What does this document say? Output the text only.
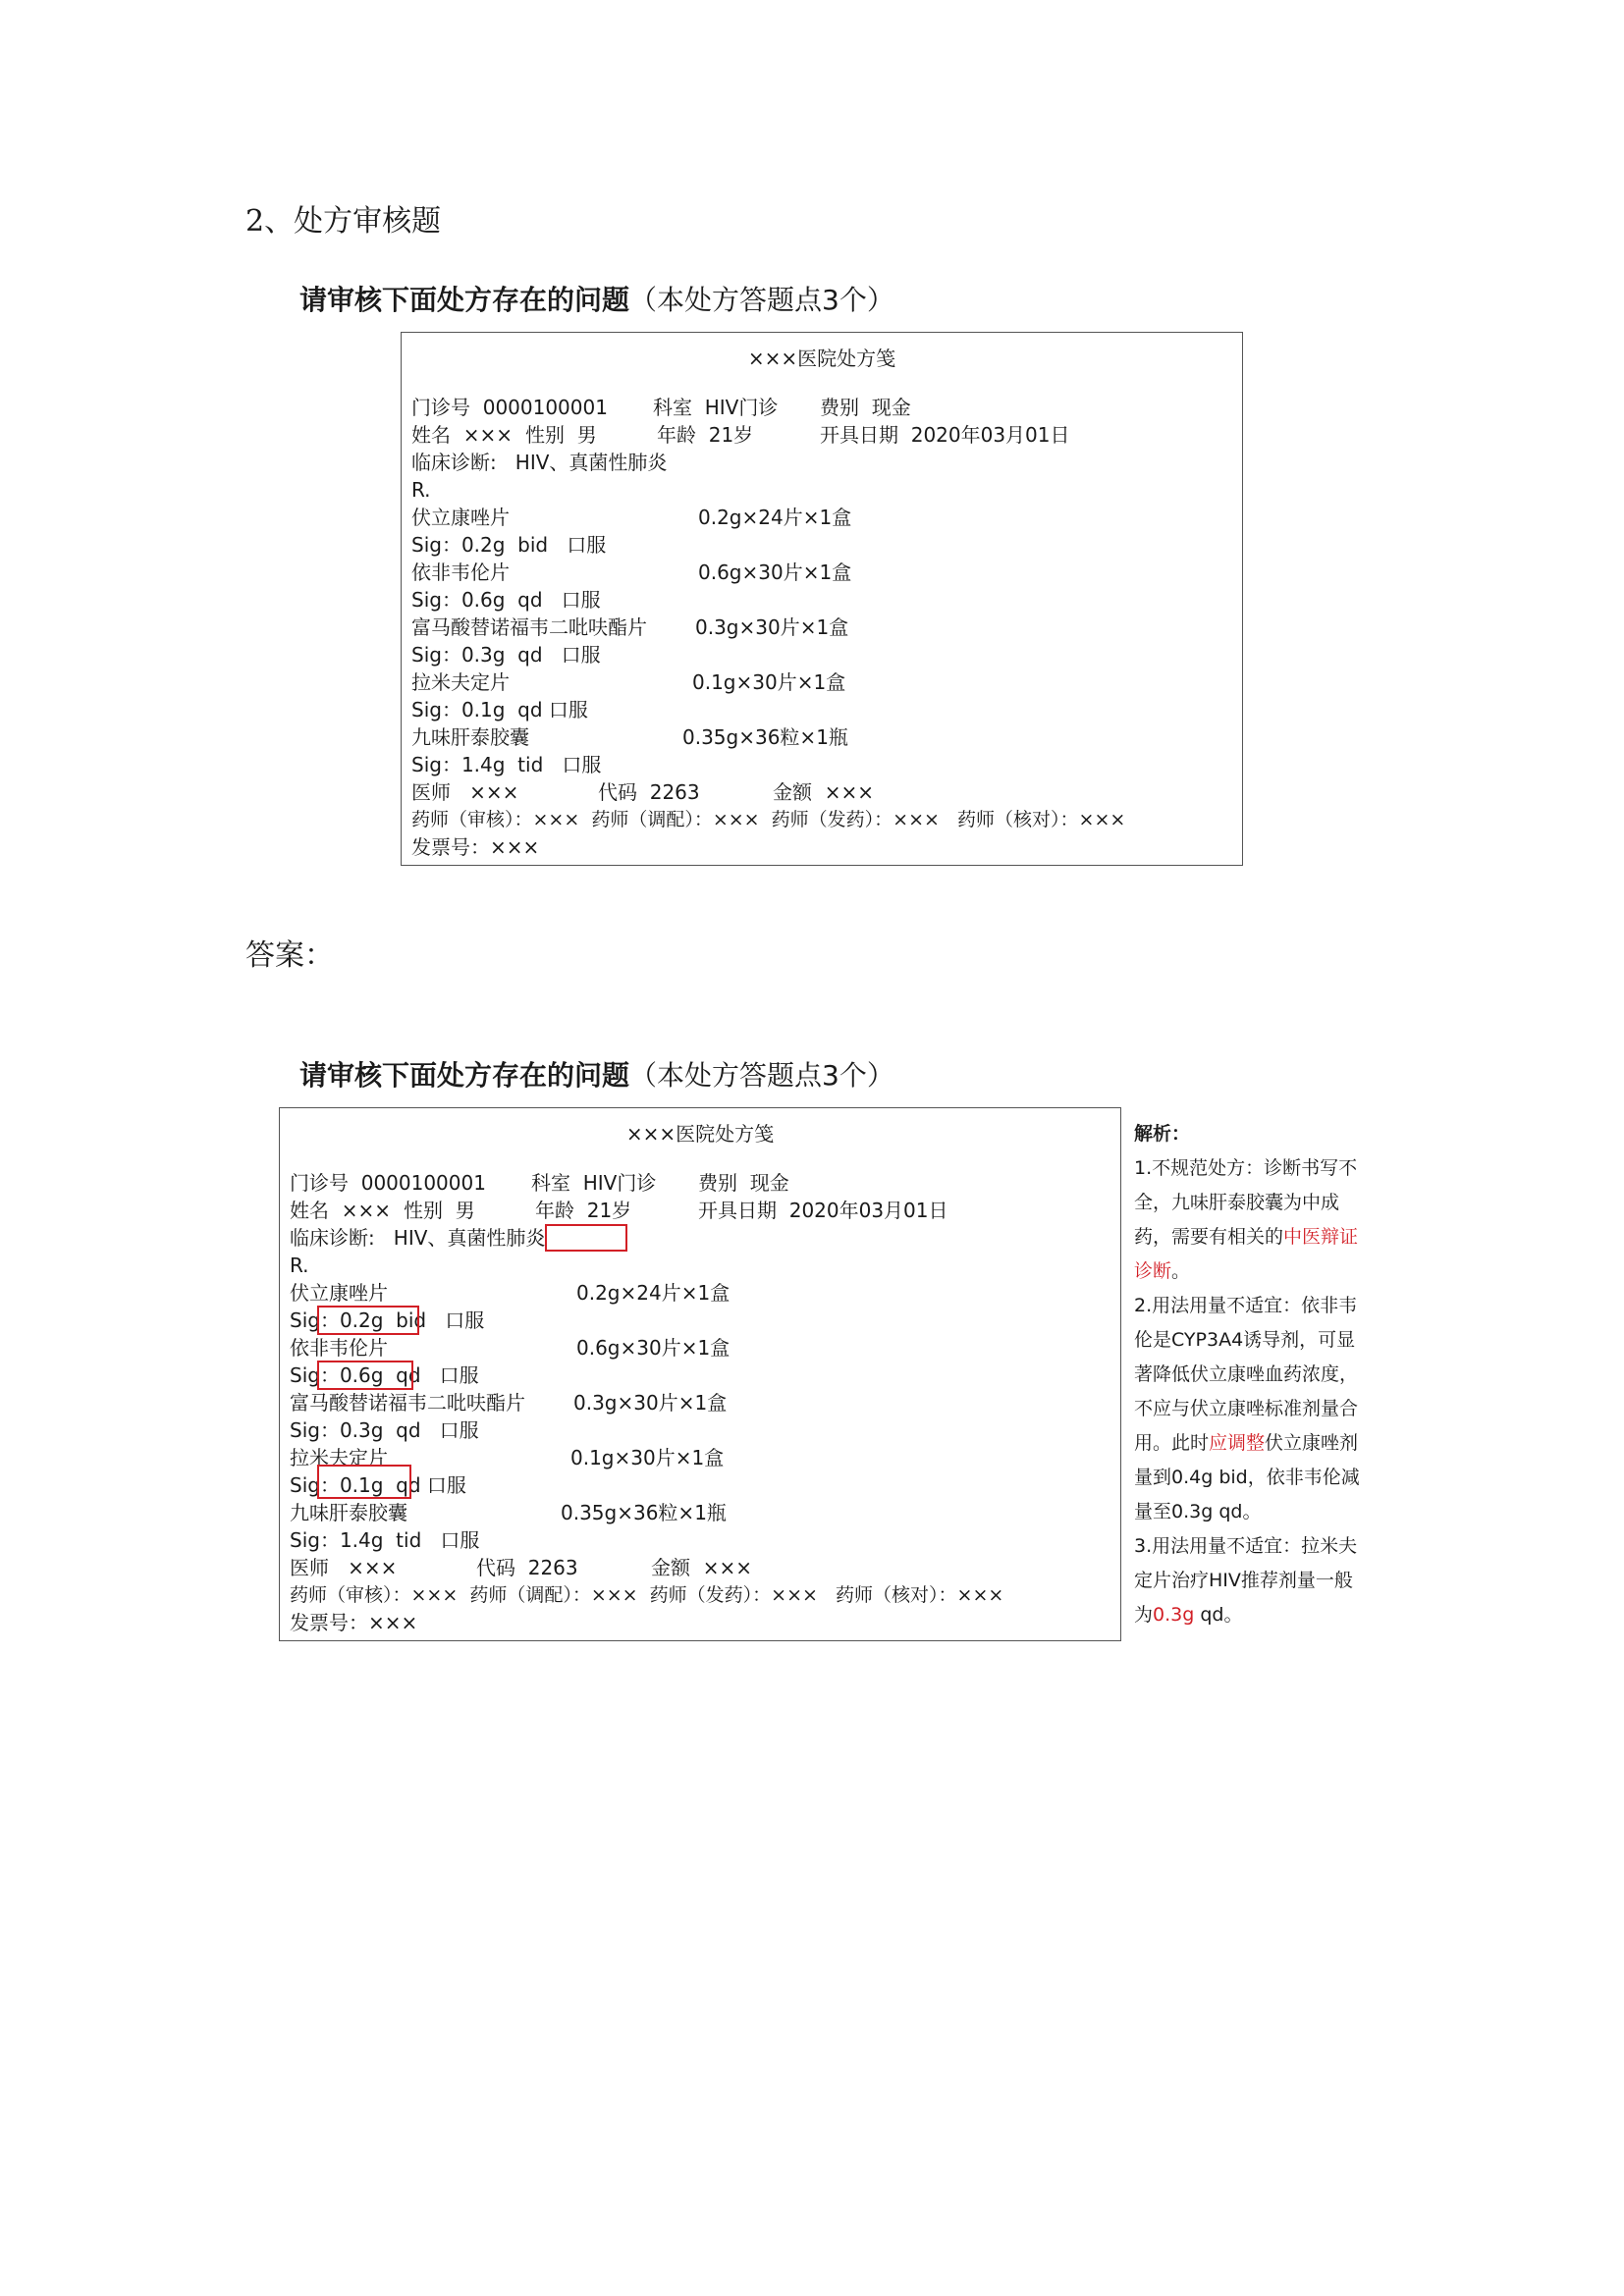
2、处方审核题
请审核下面处方存在的问题（本处方答题点3个）
×××医院处方笺
门诊号  0000100001 科室  HIV门诊 费别  现金
姓名  ××× 性别  男	年龄  21岁	开具日期  2020年03月01日
临床诊断:   HIV、真菌性肺炎
R.
伏立康唑片	0.2g×24片×1盒
Sig：0.2g  bid 口服
依非韦伦片	0.6g×30片×1盒
Sig：0.6g  qd 口服
富马酸替诺福韦二吡呋酯片 0.3g×30片×1盒
Sig：0.3g  qd 口服
拉米夫定片	0.1g×30片×1盒
Sig：0.1g  qd 口服
九味肝泰胶囊	0.35g×36粒×1瓶
Sig：1.4g  tid 口服
医师   ×××	代码  2263	金额  ×××
药师（审核）：×××  药师（调配）：×××  药师（发药）：×××   药师（核对）：×××
发票号：×××
答案：
请审核下面处方存在的问题（本处方答题点3个）
×××医院处方笺
门诊号  0000100001 科室  HIV门诊 费别  现金
姓名  ××× 性别  男	年龄  21岁	开具日期  2020年03月01日
临床诊断:   HIV、真菌性肺炎
R.
伏立康唑片	0.2g×24片×1盒
Sig：0.2g  bid 口服
依非韦伦片	0.6g×30片×1盒
Sig：0.6g  qd 口服
富马酸替诺福韦二吡呋酯片 0.3g×30片×1盒
Sig：0.3g  qd 口服
拉米夫定片	0.1g×30片×1盒
Sig：0.1g  qd 口服
九味肝泰胶囊	0.35g×36粒×1瓶
Sig：1.4g  tid 口服
医师   ×××	代码  2263	金额  ×××
药师（审核）：×××  药师（调配）：×××  药师（发药）：×××   药师（核对）：×××
发票号：×××
解析：
1.不规范处方：诊断书写不全，九味肝泰胶囊为中成药，需要有相关的中医辩证诊断。
2.用法用量不适宜：依非韦伦是CYP3A4诱导剂，可显著降低伏立康唑血药浓度，不应与伏立康唑标准剂量合用。此时应调整伏立康唑剂量到0.4g bid，依非韦伦减量至0.3g qd。
3.用法用量不适宜：拉米夫定片治疗HIV推荐剂量一般为0.3g qd。
